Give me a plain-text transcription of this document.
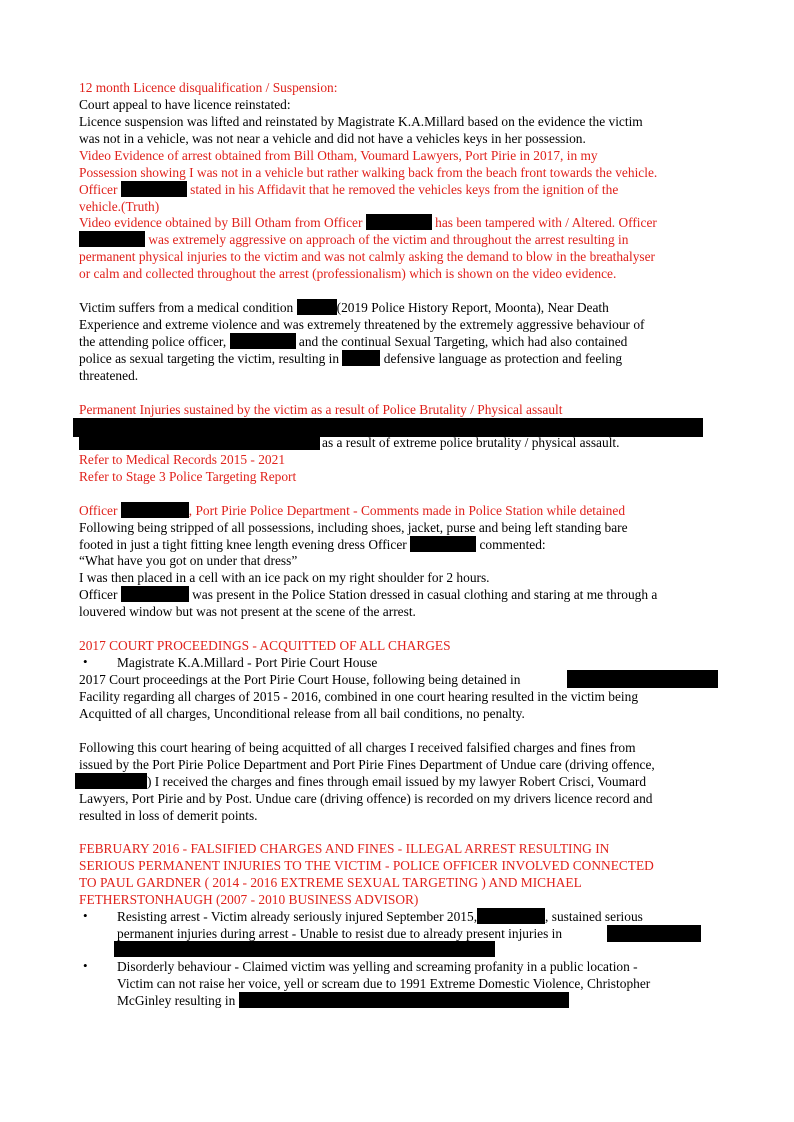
12 month Licence disqualification / Suspension:
Court appeal to have licence reinstated:
Licence suspension was lifted and reinstated by Magistrate K.A.Millard based on the evidence the victim
was not in a vehicle, was not near a vehicle and did not have a vehicles keys in her possession.
Video Evidence of arrest obtained from Bill Otham, Voumard Lawyers, Port Pirie in 2017, in my
Possession showing I was not in a vehicle but rather walking back from the beach front towards the vehicle.
Officer	stated in his Affidavit that he removed the vehicles keys from the ignition of the
vehicle.(Truth)
Video evidence obtained by Bill Otham from Officer	has been tampered with / Altered. Officer
was extremely aggressive on approach of the victim and throughout the arrest resulting in
permanent physical injuries to the victim and was not calmly asking the demand to blow in the breathalyser
or calm and collected throughout the arrest (professionalism) which is shown on the video evidence.
Victim suffers from a medical condition	(2019 Police History Report, Moonta), Near Death
Experience and extreme violence and was extremely threatened by the extremely aggressive behaviour of
the attending police officer,	and the continual Sexual Targeting, which had also contained
police as sexual targeting the victim, resulting in	defensive language as protection and feeling
threatened.
Permanent Injuries sustained by the victim as a result of Police Brutality / Physical assault
as a result of extreme police brutality / physical assault.
Refer to Medical Records 2015 - 2021
Refer to Stage 3 Police Targeting Report
Officer	, Port Pirie Police Department - Comments made in Police Station while detained
Following being stripped of all possessions, including shoes, jacket, purse and being left standing bare
footed in just a tight fitting knee length evening dress Officer	commented:
“What have you got on under that dress”
I was then placed in a cell with an ice pack on my right shoulder for 2 hours.
Officer	was present in the Police Station dressed in casual clothing and staring at me through a
louvered window but was not present at the scene of the arrest.
2017 COURT PROCEEDINGS - ACQUITTED OF ALL CHARGES
• Magistrate K.A.Millard - Port Pirie Court House
2017 Court proceedings at the Port Pirie Court House, following being detained in
Facility regarding all charges of 2015 - 2016, combined in one court hearing resulted in the victim being
Acquitted of all charges, Unconditional release from all bail conditions, no penalty.
Following this court hearing of being acquitted of all charges I received falsified charges and fines from
issued by the Port Pirie Police Department and Port Pirie Fines Department of Undue care (driving offence,
) I received the charges and fines through email issued by my lawyer Robert Crisci, Voumard
Lawyers, Port Pirie and by Post. Undue care (driving offence) is recorded on my drivers licence record and
resulted in loss of demerit points.
FEBRUARY 2016 - FALSIFIED CHARGES AND FINES - ILLEGAL ARREST RESULTING IN
SERIOUS PERMANENT INJURIES TO THE VICTIM - POLICE OFFICER INVOLVED CONNECTED
TO PAUL GARDNER ( 2014 - 2016 EXTREME SEXUAL TARGETING ) AND MICHAEL
FETHERSTONHAUGH (2007 - 2010 BUSINESS ADVISOR)
• Resisting arrest - Victim already seriously injured September 2015,	, sustained serious
permanent injuries during arrest - Unable to resist due to already present injuries in
• Disorderly behaviour - Claimed victim was yelling and screaming profanity in a public location -
Victim can not raise her voice, yell or scream due to 1991 Extreme Domestic Violence, Christopher
McGinley resulting in
